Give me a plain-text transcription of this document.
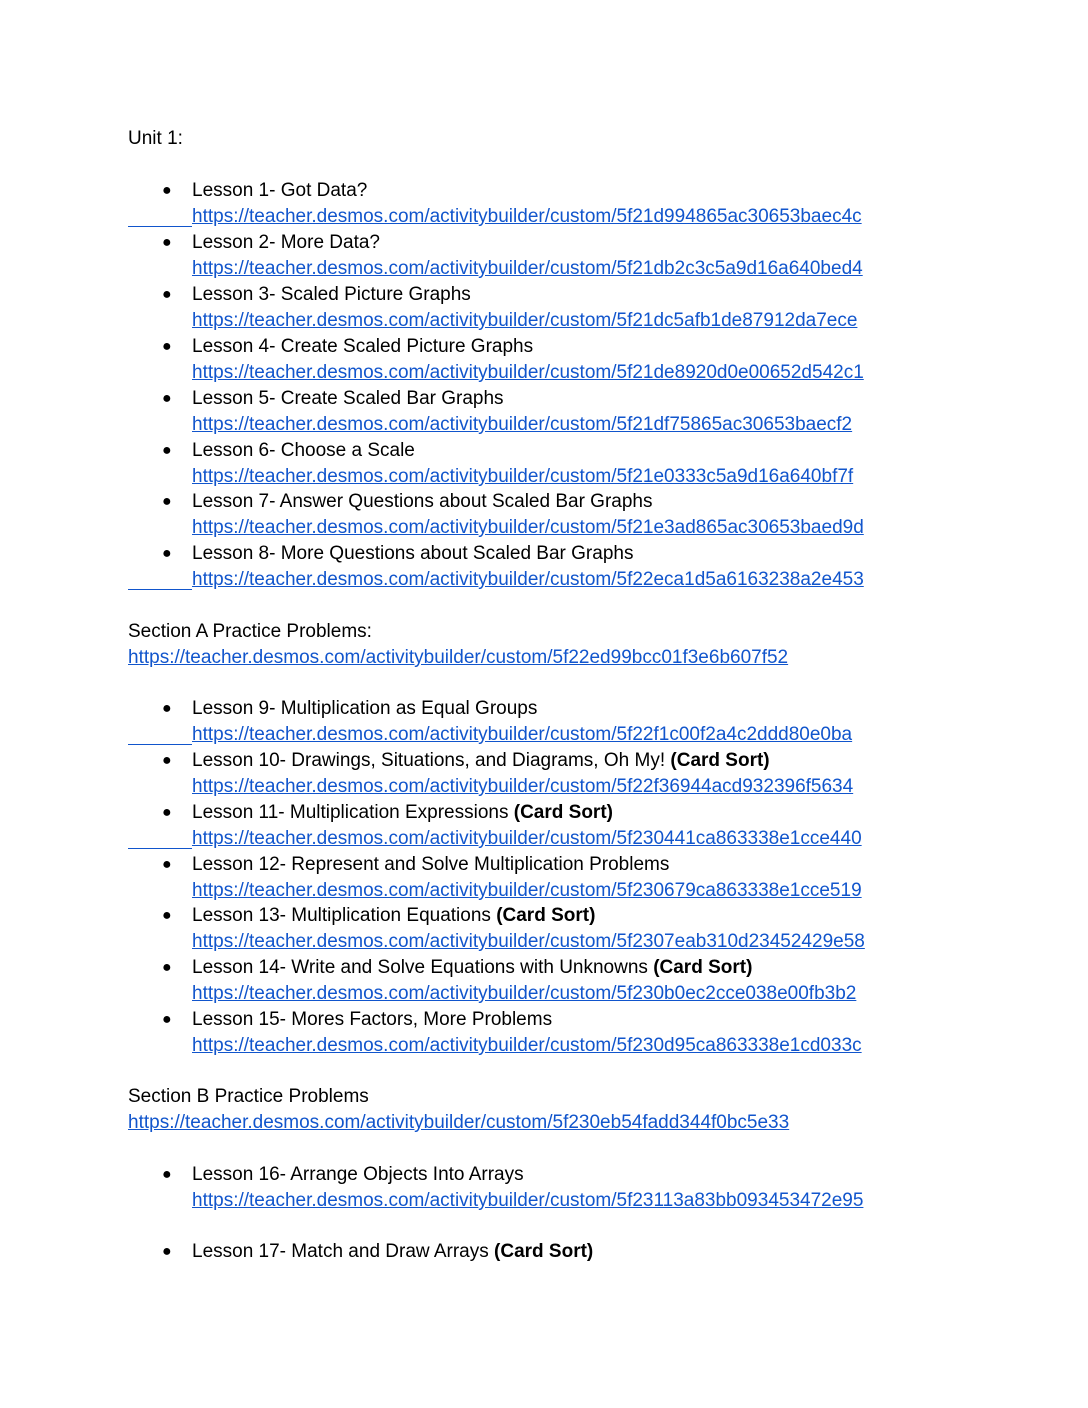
Unit 1:
● Lesson 1- Got Data?
https://teacher.desmos.com/activitybuilder/custom/5f21d994865ac30653baec4c
● Lesson 2- More Data?
https://teacher.desmos.com/activitybuilder/custom/5f21db2c3c5a9d16a640bed4
● Lesson 3- Scaled Picture Graphs
https://teacher.desmos.com/activitybuilder/custom/5f21dc5afb1de87912da7ece
● Lesson 4- Create Scaled Picture Graphs
https://teacher.desmos.com/activitybuilder/custom/5f21de8920d0e00652d542c1
● Lesson 5- Create Scaled Bar Graphs
https://teacher.desmos.com/activitybuilder/custom/5f21df75865ac30653baecf2
● Lesson 6- Choose a Scale
https://teacher.desmos.com/activitybuilder/custom/5f21e0333c5a9d16a640bf7f
● Lesson 7- Answer Questions about Scaled Bar Graphs
https://teacher.desmos.com/activitybuilder/custom/5f21e3ad865ac30653baed9d
● Lesson 8- More Questions about Scaled Bar Graphs
https://teacher.desmos.com/activitybuilder/custom/5f22eca1d5a6163238a2e453
Section A Practice Problems:
https://teacher.desmos.com/activitybuilder/custom/5f22ed99bcc01f3e6b607f52
● Lesson 9- Multiplication as Equal Groups
https://teacher.desmos.com/activitybuilder/custom/5f22f1c00f2a4c2ddd80e0ba
● Lesson 10- Drawings, Situations, and Diagrams, Oh My! (Card Sort)
https://teacher.desmos.com/activitybuilder/custom/5f22f36944acd932396f5634
● Lesson 11- Multiplication Expressions (Card Sort)
https://teacher.desmos.com/activitybuilder/custom/5f230441ca863338e1cce440
● Lesson 12- Represent and Solve Multiplication Problems
https://teacher.desmos.com/activitybuilder/custom/5f230679ca863338e1cce519
● Lesson 13- Multiplication Equations (Card Sort)
https://teacher.desmos.com/activitybuilder/custom/5f2307eab310d23452429e58
● Lesson 14- Write and Solve Equations with Unknowns (Card Sort)
https://teacher.desmos.com/activitybuilder/custom/5f230b0ec2cce038e00fb3b2
● Lesson 15- Mores Factors, More Problems
https://teacher.desmos.com/activitybuilder/custom/5f230d95ca863338e1cd033c
Section B Practice Problems
https://teacher.desmos.com/activitybuilder/custom/5f230eb54fadd344f0bc5e33
● Lesson 16- Arrange Objects Into Arrays
https://teacher.desmos.com/activitybuilder/custom/5f23113a83bb093453472e95
● Lesson 17- Match and Draw Arrays (Card Sort)
